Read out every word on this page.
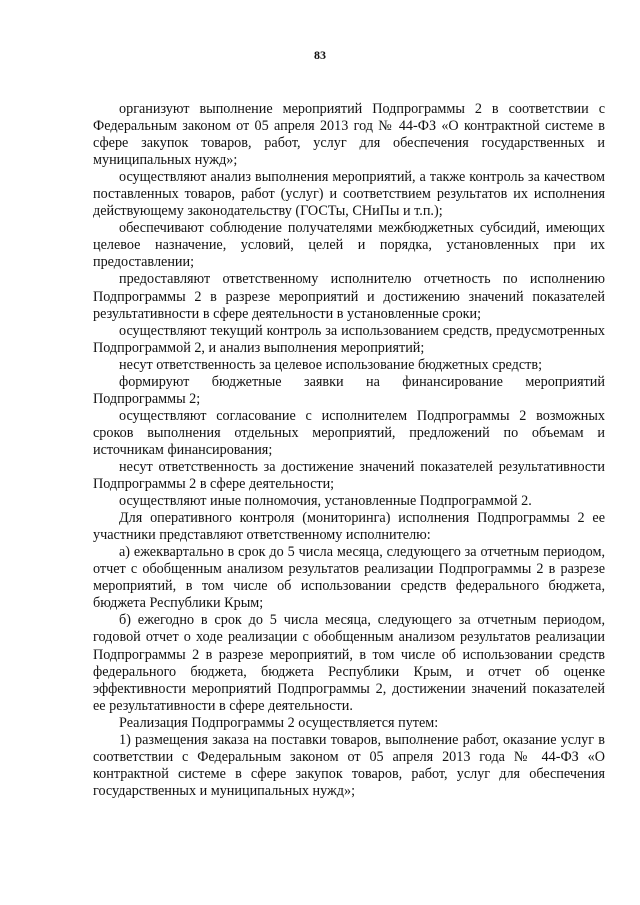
83

организуют выполнение мероприятий Подпрограммы 2 в соответствии с Федеральным законом от 05 апреля 2013 год № 44-ФЗ «О контрактной системе в сфере закупок товаров, работ, услуг для обеспечения государственных и муниципальных нужд»;

осуществляют анализ выполнения мероприятий, а также контроль за качеством поставленных товаров, работ (услуг) и соответствием результатов их исполнения действующему законодательству (ГОСТы, СНиПы и т.п.);

обеспечивают соблюдение получателями межбюджетных субсидий, имеющих целевое назначение, условий, целей и порядка, установленных при их предоставлении;

предоставляют ответственному исполнителю отчетность по исполнению Подпрограммы 2 в разрезе мероприятий и достижению значений показателей результативности в сфере деятельности в установленные сроки;

осуществляют текущий контроль за использованием средств, предусмотренных Подпрограммой 2, и анализ выполнения мероприятий;

несут ответственность за целевое использование бюджетных средств;

формируют бюджетные заявки на финансирование мероприятий Подпрограммы 2;

осуществляют согласование с исполнителем Подпрограммы 2 возможных сроков выполнения отдельных мероприятий, предложений по объемам и источникам финансирования;

несут ответственность за достижение значений показателей результативности Подпрограммы 2 в сфере деятельности;

осуществляют иные полномочия, установленные Подпрограммой 2.

Для оперативного контроля (мониторинга) исполнения Подпрограммы 2 ее участники представляют ответственному исполнителю:

а) ежеквартально в срок до 5 числа месяца, следующего за отчетным периодом, отчет с обобщенным анализом результатов реализации Подпрограммы 2 в разрезе мероприятий, в том числе об использовании средств федерального бюджета, бюджета Республики Крым;

б) ежегодно в срок до 5 числа месяца, следующего за отчетным периодом, годовой отчет о ходе реализации с обобщенным анализом результатов реализации Подпрограммы 2 в разрезе мероприятий, в том числе об использовании средств федерального бюджета, бюджета Республики Крым, и отчет об оценке эффективности мероприятий Подпрограммы 2, достижении значений показателей ее результативности в сфере деятельности.

Реализация Подпрограммы 2 осуществляется путем:

1) размещения заказа на поставки товаров, выполнение работ, оказание услуг в соответствии с Федеральным законом от 05 апреля 2013 года № 44-ФЗ «О контрактной системе в сфере закупок товаров, работ, услуг для обеспечения государственных и муниципальных нужд»;
